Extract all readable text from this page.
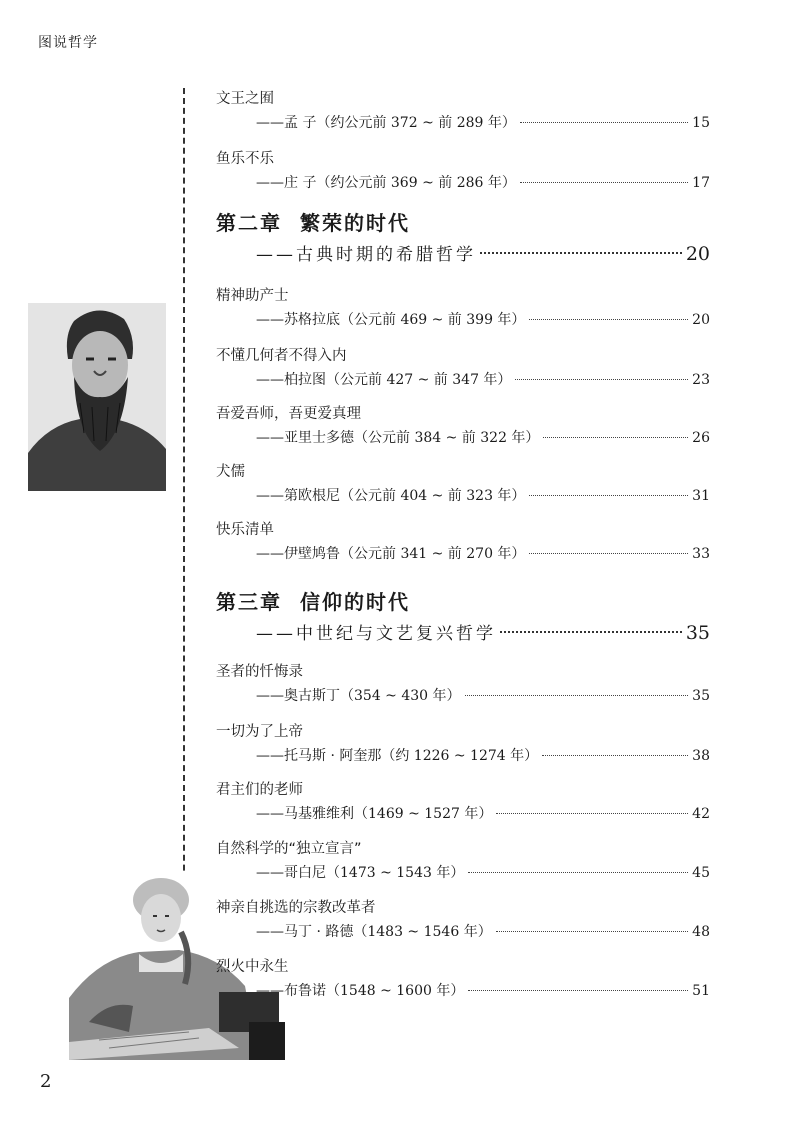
图说哲学
文王之囿
——孟 子（约公元前 372 ~ 前 289 年）	15
鱼乐不乐
——庄 子（约公元前 369 ~ 前 286 年）	17
第二章 繁荣的时代
——古典时期的希腊哲学	20
精神助产士
——苏格拉底（公元前 469 ~ 前 399 年）	20
不懂几何者不得入内
——柏拉图（公元前 427 ~ 前 347 年）	23
吾爱吾师，吾更爱真理
——亚里士多德（公元前 384 ~ 前 322 年）	26
犬儒
——第欧根尼（公元前 404 ~ 前 323 年）	31
快乐清单
——伊壁鸠鲁（公元前 341 ~ 前 270 年）	33
第三章 信仰的时代
——中世纪与文艺复兴哲学	35
圣者的忏悔录
——奥古斯丁（354 ~ 430 年）	35
一切为了上帝
——托马斯 · 阿奎那（约 1226 ~ 1274 年）	38
君主们的老师
——马基雅维利（1469 ~ 1527 年）	42
自然科学的“独立宣言”
——哥白尼（1473 ~ 1543 年）	45
神亲自挑选的宗教改革者
——马丁 · 路德（1483 ~ 1546 年）	48
烈火中永生
——布鲁诺（1548 ~ 1600 年）	51
2
